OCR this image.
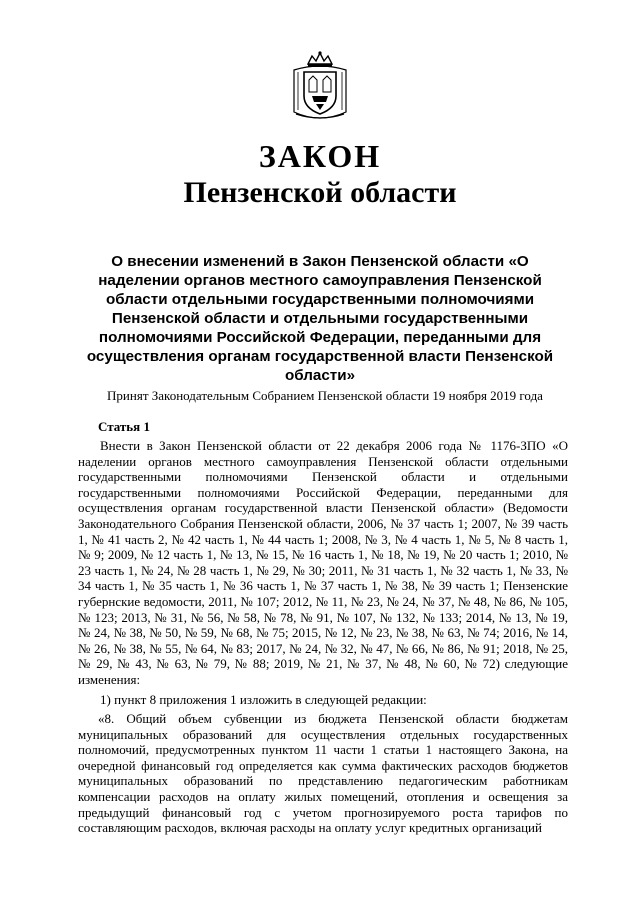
ЗАКОН
Пензенской области
О внесении изменений в Закон Пензенской области «О наделении органов местного самоуправления Пензенской области отдельными государственными полномочиями Пензенской области и отдельными государственными полномочиями Российской Федерации, переданными для осуществления органам государственной власти Пензенской области»
Принят Законодательным Собранием Пензенской области 19 ноября 2019 года
Статья 1

Внести в Закон Пензенской области от 22 декабря 2006 года № 1176-ЗПО «О наделении органов местного самоуправления Пензенской области отдельными государственными полномочиями Пензенской области и отдельными государственными полномочиями Российской Федерации, переданными для осуществления органам государственной власти Пензенской области» (Ведомости Законодательного Собрания Пензенской области, 2006, № 37 часть 1; 2007, № 39 часть 1, № 41 часть 2, № 42 часть 1, № 44 часть 1; 2008, № 3, № 4 часть 1, № 5, № 8 часть 1, № 9; 2009, № 12 часть 1, № 13, № 15, № 16 часть 1, № 18, № 19, № 20 часть 1; 2010, № 23 часть 1, № 24, № 28 часть 1, № 29, № 30; 2011, № 31 часть 1, № 32 часть 1, № 33, № 34 часть 1, № 35 часть 1, № 36 часть 1, № 37 часть 1, № 38, № 39 часть 1; Пензенские губернские ведомости, 2011, № 107; 2012, № 11, № 23, № 24, № 37, № 48, № 86, № 105, № 123; 2013, № 31, № 56, № 58, № 78, № 91, № 107, № 132, № 133; 2014, № 13, № 19, № 24, № 38, № 50, № 59, № 68, № 75; 2015, № 12, № 23, № 38, № 63, № 74; 2016, № 14, № 26, № 38, № 55, № 64, № 83; 2017, № 24, № 32, № 47, № 66, № 86, № 91; 2018, № 25, № 29, № 43, № 63, № 79, № 88; 2019, № 21, № 37, № 48, № 60, № 72) следующие изменения:

1) пункт 8 приложения 1 изложить в следующей редакции:

«8. Общий объем субвенции из бюджета Пензенской области бюджетам муниципальных образований для осуществления отдельных государственных полномочий, предусмотренных пунктом 11 части 1 статьи 1 настоящего Закона, на очередной финансовый год определяется как сумма фактических расходов бюджетов муниципальных образований по представлению педагогическим работникам компенсации расходов на оплату жилых помещений, отопления и освещения за предыдущий финансовый год с учетом прогнозируемого роста тарифов по составляющим расходов, включая расходы на оплату услуг кредитных организаций
